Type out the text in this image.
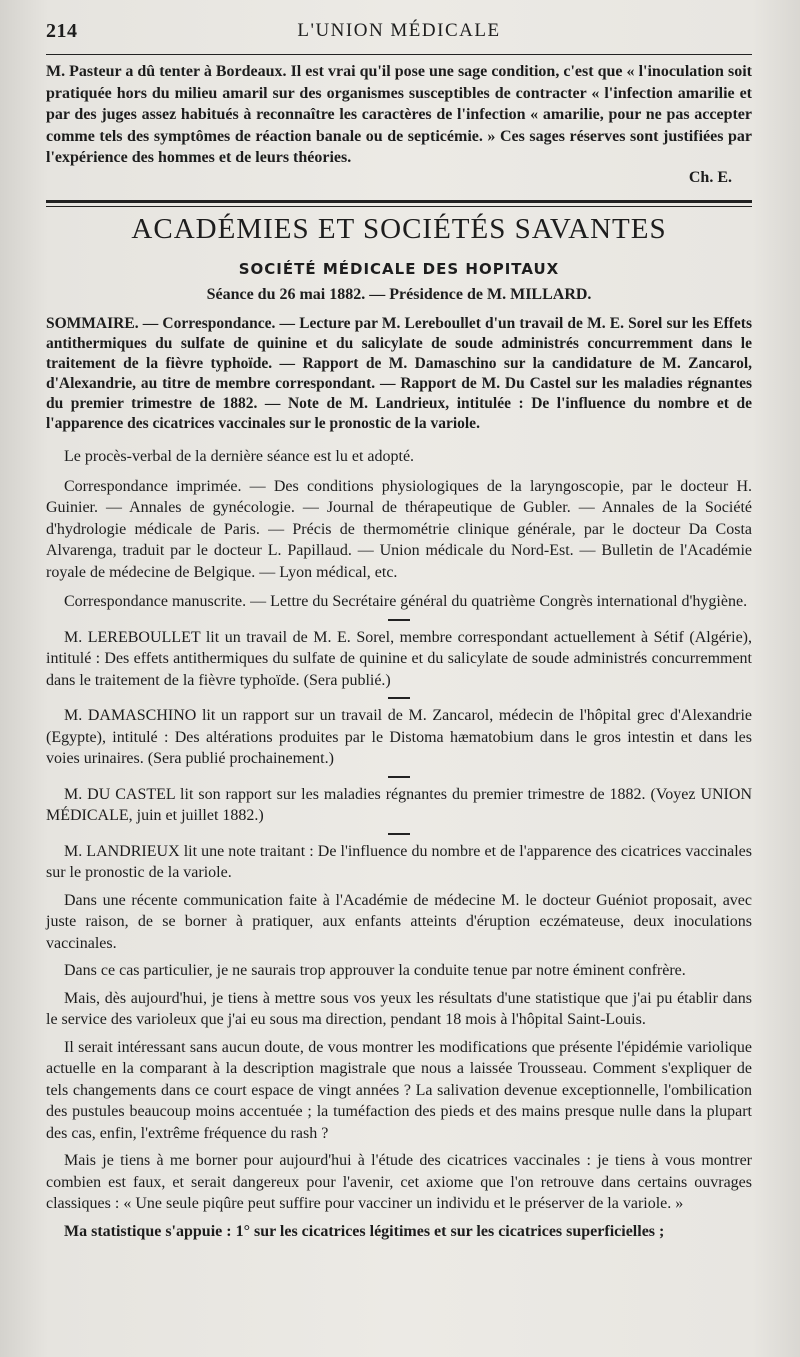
214	L'UNION MÉDICALE

M. Pasteur a dû tenter à Bordeaux. Il est vrai qu'il pose une sage condition, c'est que « l'inoculation soit pratiquée hors du milieu amaril sur des organismes susceptibles de contracter « l'infection amarilie et par des juges assez habitués à reconnaître les caractères de l'infection « amarilie, pour ne pas accepter comme tels des symptômes de réaction banale ou de septicémie. » Ces sages réserves sont justifiées par l'expérience des hommes et de leurs théories.

Ch. E.

ACADÉMIES ET SOCIÉTÉS SAVANTES
SOCIÉTÉ MÉDICALE DES HOPITAUX
Séance du 26 mai 1882. — Présidence de M. MILLARD.

SOMMAIRE. — Correspondance. — Lecture par M. Lereboullet d'un travail de M. E. Sorel sur les Effets antithermiques du sulfate de quinine et du salicylate de soude administrés concurremment dans le traitement de la fièvre typhoïde. — Rapport de M. Damaschino sur la candidature de M. Zancarol, d'Alexandrie, au titre de membre correspondant. — Rapport de M. Du Castel sur les maladies régnantes du premier trimestre de 1882. — Note de M. Landrieux, intitulée : De l'influence du nombre et de l'apparence des cicatrices vaccinales sur le pronostic de la variole.

Le procès-verbal de la dernière séance est lu et adopté.

Correspondance imprimée. — Des conditions physiologiques de la laryngoscopie, par le docteur H. Guinier. — Annales de gynécologie. — Journal de thérapeutique de Gubler. — Annales de la Société d'hydrologie médicale de Paris. — Précis de thermométrie clinique générale, par le docteur Da Costa Alvarenga, traduit par le docteur L. Papillaud. — Union médicale du Nord-Est. — Bulletin de l'Académie royale de médecine de Belgique. — Lyon médical, etc.

Correspondance manuscrite. — Lettre du Secrétaire général du quatrième Congrès international d'hygiène.

M. LEREBOULLET lit un travail de M. E. Sorel, membre correspondant actuellement à Sétif (Algérie), intitulé : Des effets antithermiques du sulfate de quinine et du salicylate de soude administrés concurremment dans le traitement de la fièvre typhoïde. (Sera publié.)

M. DAMASCHINO lit un rapport sur un travail de M. Zancarol, médecin de l'hôpital grec d'Alexandrie (Egypte), intitulé : Des altérations produites par le Distoma hæmatobium dans le gros intestin et dans les voies urinaires. (Sera publié prochainement.)

M. DU CASTEL lit son rapport sur les maladies régnantes du premier trimestre de 1882. (Voyez UNION MÉDICALE, juin et juillet 1882.)

M. LANDRIEUX lit une note traitant : De l'influence du nombre et de l'apparence des cicatrices vaccinales sur le pronostic de la variole.

Dans une récente communication faite à l'Académie de médecine M. le docteur Guéniot proposait, avec juste raison, de se borner à pratiquer, aux enfants atteints d'éruption eczémateuse, deux inoculations vaccinales.

Dans ce cas particulier, je ne saurais trop approuver la conduite tenue par notre éminent confrère.

Mais, dès aujourd'hui, je tiens à mettre sous vos yeux les résultats d'une statistique que j'ai pu établir dans le service des varioleux que j'ai eu sous ma direction, pendant 18 mois à l'hôpital Saint-Louis.

Il serait intéressant sans aucun doute, de vous montrer les modifications que présente l'épidémie variolique actuelle en la comparant à la description magistrale que nous a laissée Trousseau. Comment s'expliquer de tels changements dans ce court espace de vingt années ? La salivation devenue exceptionnelle, l'ombilication des pustules beaucoup moins accentuée ; la tuméfaction des pieds et des mains presque nulle dans la plupart des cas, enfin, l'extrême fréquence du rash ?

Mais je tiens à me borner pour aujourd'hui à l'étude des cicatrices vaccinales : je tiens à vous montrer combien est faux, et serait dangereux pour l'avenir, cet axiome que l'on retrouve dans certains ouvrages classiques : « Une seule piqûre peut suffire pour vacciner un individu et le préserver de la variole. »

Ma statistique s'appuie : 1° sur les cicatrices légitimes et sur les cicatrices superficielles ;
